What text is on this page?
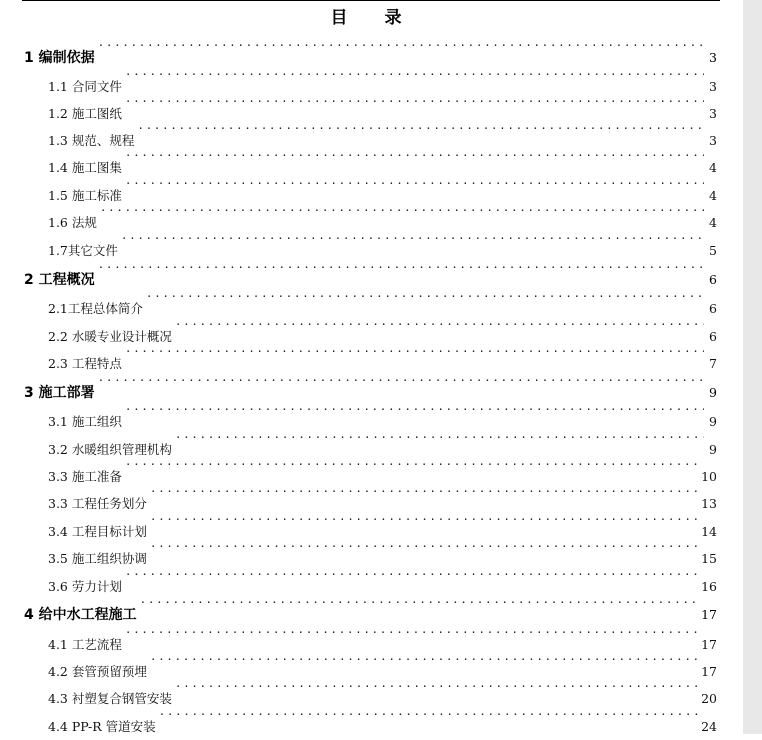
目　录
1 编制依据 .....	3
1.1 合同文件 .....	3
1.2 施工图纸 .....	3
1.3 规范、规程 .....	3
1.4 施工图集 .....	4
1.5 施工标准 .....	4
1.6 法规 .....	4
1.7其它文件 .....	5
2 工程概况 .....	6
2.1工程总体简介 .....	6
2.2 水暖专业设计概况 .....	6
2.3 工程特点 .....	7
3 施工部署 .....	9
3.1 施工组织 .....	9
3.2 水暖组织管理机构 .....	9
3.3 施工准备 .....	10
3.3 工程任务划分 .....	13
3.4 工程目标计划 .....	14
3.5 施工组织协调 .....	15
3.6 劳力计划 .....	16
4 给中水工程施工 .....	17
4.1 工艺流程 .....	17
4.2 套管预留预埋 .....	17
4.3 衬塑复合钢管安装 .....	20
4.4 PP-R 管道安装 .....	24
